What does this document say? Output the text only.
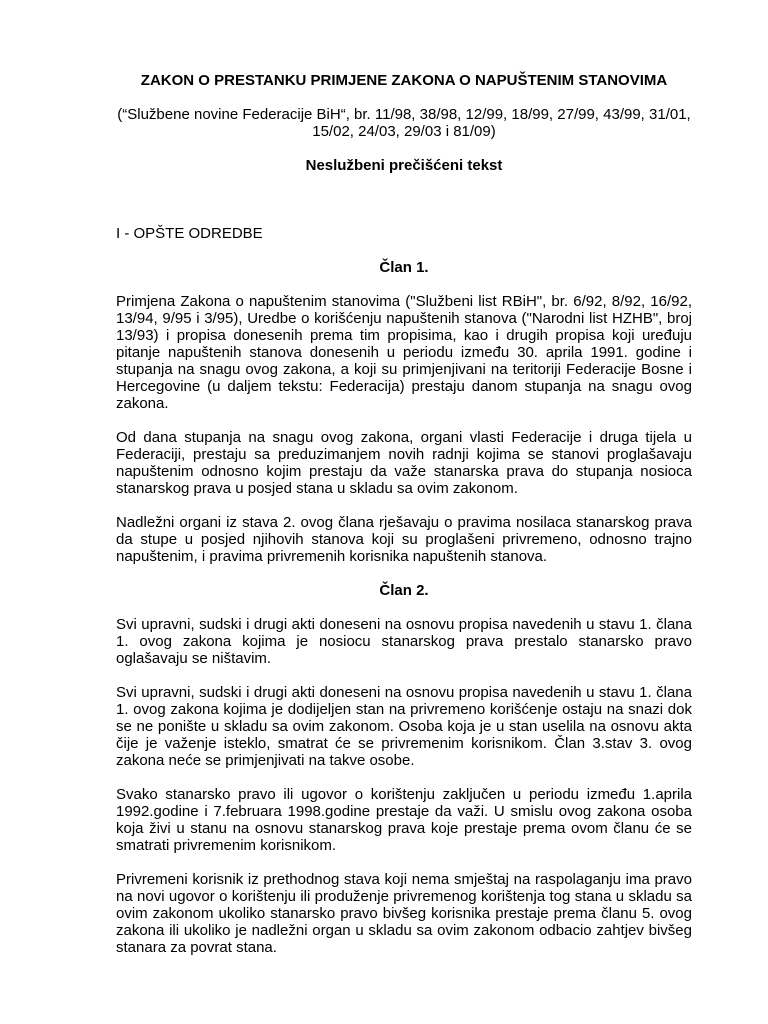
ZAKON O PRESTANKU PRIMJENE ZAKONA O NAPUŠTENIM STANOVIMA

(“Službene novine Federacije BiH“, br. 11/98, 38/98, 12/99, 18/99, 27/99, 43/99, 31/01, 15/02, 24/03, 29/03 i 81/09)

Neslužbeni prečišćeni tekst

I - OPŠTE ODREDBE
Član 1.

Primjena Zakona o napuštenim stanovima ("Službeni list RBiH", br. 6/92, 8/92, 16/92, 13/94, 9/95 i 3/95), Uredbe o korišćenju napuštenih stanova ("Narodni list HZHB", broj 13/93) i propisa donesenih prema tim propisima, kao i drugih propisa koji uređuju pitanje napuštenih stanova donesenih u periodu između 30. aprila 1991. godine i stupanja na snagu ovog zakona, a koji su primjenjivani na teritoriji Federacije Bosne i Hercegovine (u daljem tekstu: Federacija) prestaju danom stupanja na snagu ovog zakona.

Od dana stupanja na snagu ovog zakona, organi vlasti Federacije i druga tijela u Federaciji, prestaju sa preduzimanjem novih radnji kojima se stanovi proglašavaju napuštenim odnosno kojim prestaju da važe stanarska prava do stupanja nosioca stanarskog prava u posjed stana u skladu sa ovim zakonom.

Nadležni organi iz stava 2. ovog člana rješavaju o pravima nosilaca stanarskog prava da stupe u posjed njihovih stanova koji su proglašeni privremeno, odnosno trajno napuštenim, i pravima privremenih korisnika napuštenih stanova.

Član 2.

Svi upravni, sudski i drugi akti doneseni na osnovu propisa navedenih u stavu 1. člana 1. ovog zakona kojima je nosiocu stanarskog prava prestalo stanarsko pravo oglašavaju se ništavim.

Svi upravni, sudski i drugi akti doneseni na osnovu propisa navedenih u stavu 1. člana 1. ovog zakona kojima je dodijeljen stan na privremeno korišćenje ostaju na snazi dok se ne ponište u skladu sa ovim zakonom. Osoba koja je u stan uselila na osnovu akta čije je važenje isteklo, smatrat će se privremenim korisnikom. Član 3.stav 3. ovog zakona neće se primjenjivati na takve osobe.

Svako stanarsko pravo ili ugovor o korištenju zaključen u periodu između 1.aprila 1992.godine i 7.februara 1998.godine prestaje da važi. U smislu ovog zakona osoba koja živi u stanu na osnovu stanarskog prava koje prestaje prema ovom članu će se smatrati privremenim korisnikom.

Privremeni korisnik iz prethodnog stava koji nema smještaj na raspolaganju ima pravo na novi ugovor o korištenju ili produženje privremenog korištenja tog stana u skladu sa ovim zakonom ukoliko stanarsko pravo bivšeg korisnika prestaje prema članu 5. ovog zakona ili ukoliko je nadležni organ u skladu sa ovim zakonom odbacio zahtjev bivšeg stanara za povrat stana.
